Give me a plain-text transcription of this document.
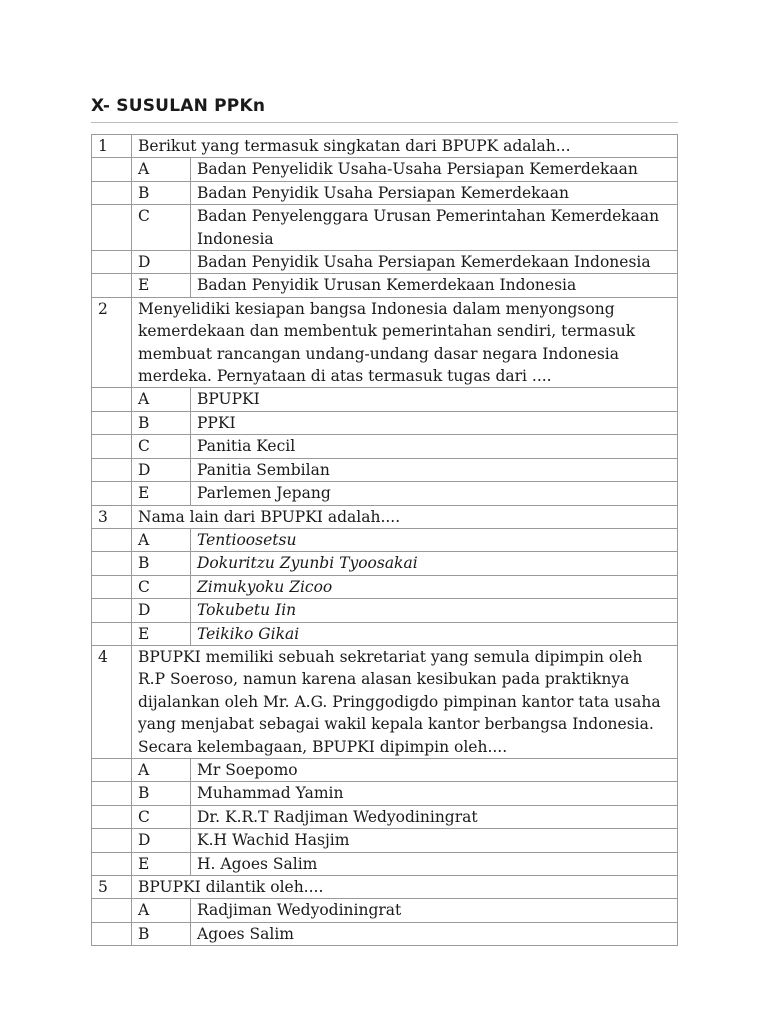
X- SUSULAN PPKn
1	Berikut yang termasuk singkatan dari BPUPK adalah...	
	A	Badan Penyelidik Usaha-Usaha Persiapan Kemerdekaan
	B	Badan Penyidik Usaha Persiapan Kemerdekaan
	C	Badan Penyelenggara Urusan Pemerintahan Kemerdekaan Indonesia
	D	Badan Penyidik Usaha Persiapan Kemerdekaan Indonesia
	E	Badan Penyidik Urusan Kemerdekaan Indonesia
2	Menyelidiki kesiapan bangsa Indonesia dalam menyongsong kemerdekaan dan membentuk pemerintahan sendiri, termasuk membuat rancangan undang-undang dasar negara Indonesia merdeka. Pernyataan di atas termasuk tugas dari ....	
	A	BPUPKI
	B	PPKI
	C	Panitia Kecil
	D	Panitia Sembilan
	E	Parlemen Jepang
3	Nama lain dari BPUPKI adalah....	
	A	Tentioosetsu
	B	Dokuritzu Zyunbi Tyoosakai
	C	Zimukyoku Zicoo
	D	Tokubetu Iin
	E	Teikiko Gikai
4	BPUPKI memiliki sebuah sekretariat yang semula dipimpin oleh R.P Soeroso, namun karena alasan kesibukan pada praktiknya dijalankan oleh Mr. A.G. Pringgodigdo pimpinan kantor tata usaha yang menjabat sebagai wakil kepala kantor berbangsa Indonesia. Secara kelembagaan, BPUPKI dipimpin oleh....	
	A	Mr Soepomo
	B	Muhammad Yamin
	C	Dr. K.R.T Radjiman Wedyodiningrat
	D	K.H Wachid Hasjim
	E	H. Agoes Salim
5	BPUPKI dilantik oleh....	
	A	Radjiman Wedyodiningrat
	B	Agoes Salim
